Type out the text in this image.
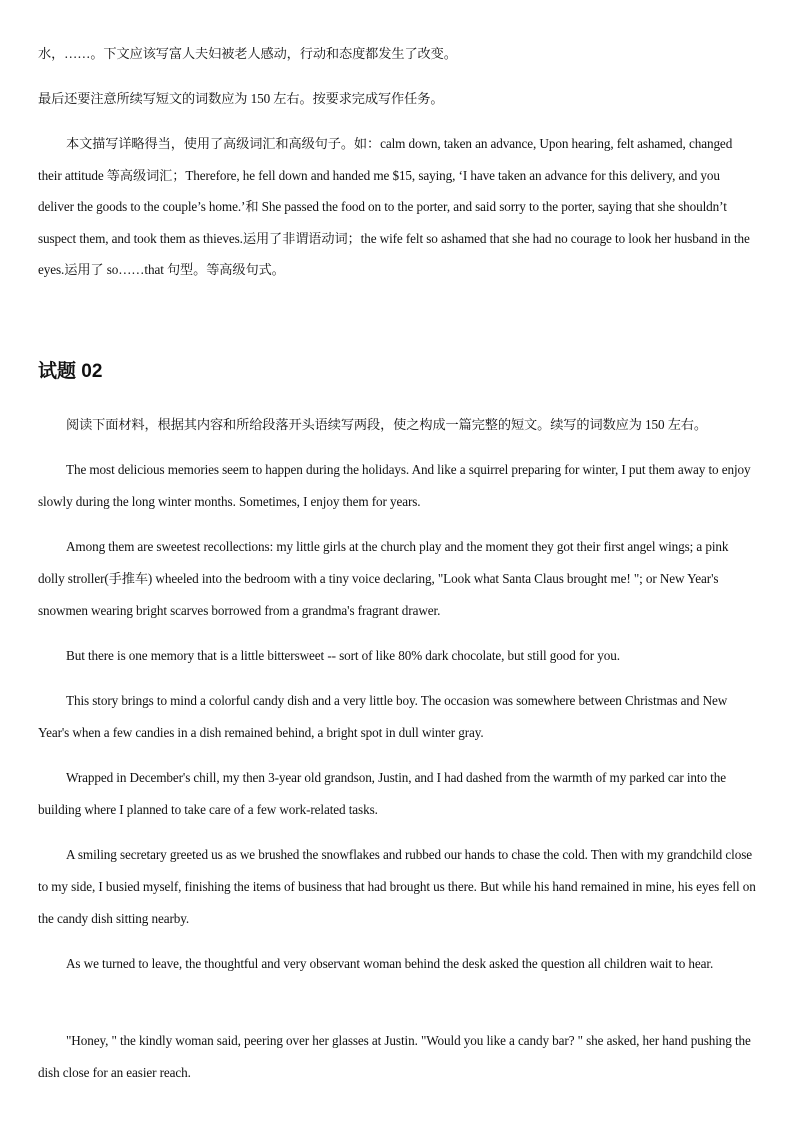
水，……。下文应该写富人夫妇被老人感动，行动和态度都发生了改变。

最后还要注意所续写短文的词数应为 150 左右。按要求完成写作任务。

本文描写详略得当，使用了高级词汇和高级句子。如：calm down, taken an advance, Upon hearing, felt ashamed, changed their attitude 等高级词汇；Therefore, he fell down and handed me $15, saying, ‘I have taken an advance for this delivery, and you deliver the goods to the couple’s home.’和 She passed the food on to the porter, and said sorry to the porter, saying that she shouldn’t suspect them, and took them as thieves.运用了非谓语动词；the wife felt so ashamed that she had no courage to look her husband in the eyes.运用了 so……that 句型。等高级句式。

试题 02

阅读下面材料，根据其内容和所给段落开头语续写两段，使之构成一篇完整的短文。续写的词数应为 150 左右。

The most delicious memories seem to happen during the holidays. And like a squirrel preparing for winter, I put them away to enjoy slowly during the long winter months. Sometimes, I enjoy them for years.

Among them are sweetest recollections: my little girls at the church play and the moment they got their first angel wings; a pink dolly stroller(手推车) wheeled into the bedroom with a tiny voice declaring, "Look what Santa Claus brought me! "; or New Year's snowmen wearing bright scarves borrowed from a grandma's fragrant drawer.

But there is one memory that is a little bittersweet -- sort of like 80% dark chocolate, but still good for you.

This story brings to mind a colorful candy dish and a very little boy. The occasion was somewhere between Christmas and New Year's when a few candies in a dish remained behind, a bright spot in dull winter gray.

Wrapped in December's chill, my then 3-year old grandson, Justin, and I had dashed from the warmth of my parked car into the building where I planned to take care of a few work-related tasks.

A smiling secretary greeted us as we brushed the snowflakes and rubbed our hands to chase the cold. Then with my grandchild close to my side, I busied myself, finishing the items of business that had brought us there. But while his hand remained in mine, his eyes fell on the candy dish sitting nearby.

As we turned to leave, the thoughtful and very observant woman behind the desk asked the question all children wait to hear.

"Honey, " the kindly woman said, peering over her glasses at Justin. "Would you like a candy bar? " she asked, her hand pushing the dish close for an easier reach.
